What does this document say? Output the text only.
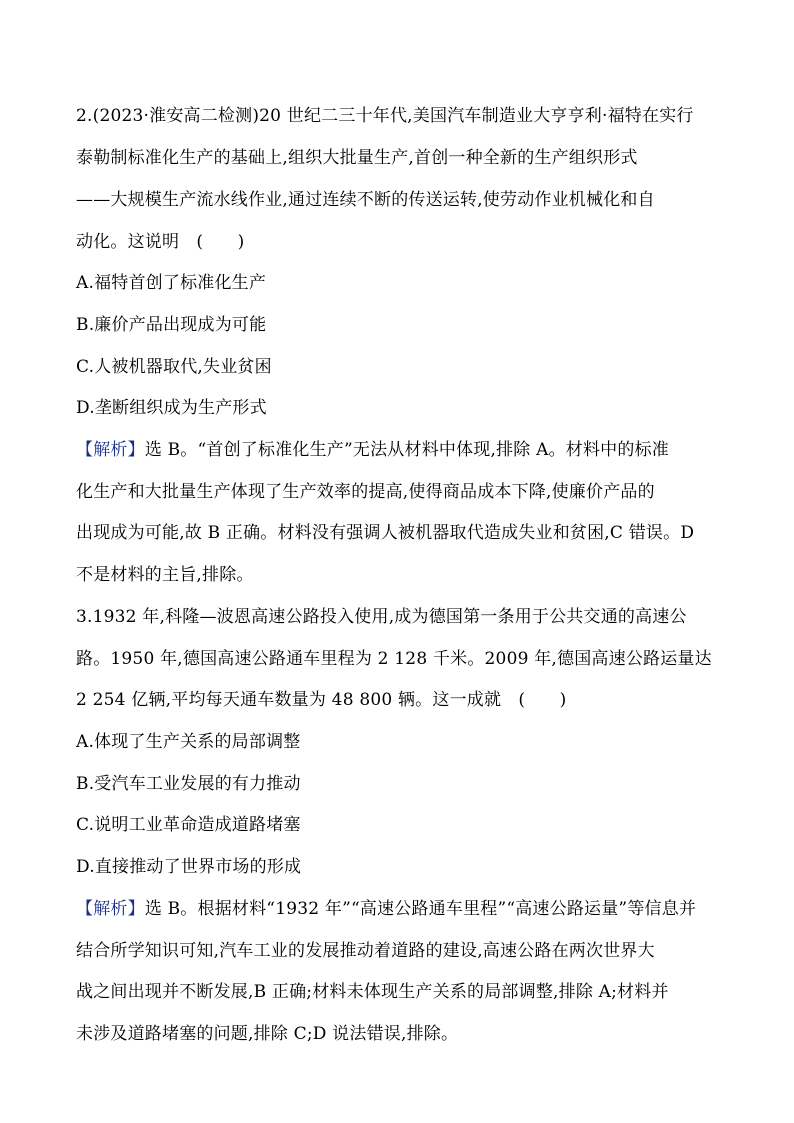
2.(2023·淮安高二检测)20 世纪二三十年代,美国汽车制造业大亨亨利·福特在实行
泰勒制标准化生产的基础上,组织大批量生产,首创一种全新的生产组织形式
——大规模生产流水线作业,通过连续不断的传送运转,使劳动作业机械化和自
动化。这说明　(　　)
A.福特首创了标准化生产
B.廉价产品出现成为可能
C.人被机器取代,失业贫困
D.垄断组织成为生产形式
【解析】选 B。“首创了标准化生产”无法从材料中体现,排除 A。材料中的标准
化生产和大批量生产体现了生产效率的提高,使得商品成本下降,使廉价产品的
出现成为可能,故 B 正确。材料没有强调人被机器取代造成失业和贫困,C 错误。D
不是材料的主旨,排除。
3.1932 年,科隆—波恩高速公路投入使用,成为德国第一条用于公共交通的高速公
路。1950 年,德国高速公路通车里程为 2 128 千米。2009 年,德国高速公路运量达
2 254 亿辆,平均每天通车数量为 48 800 辆。这一成就　(　　)
A.体现了生产关系的局部调整
B.受汽车工业发展的有力推动
C.说明工业革命造成道路堵塞
D.直接推动了世界市场的形成
【解析】选 B。根据材料“1932 年”“高速公路通车里程”“高速公路运量”等信息并
结合所学知识可知,汽车工业的发展推动着道路的建设,高速公路在两次世界大
战之间出现并不断发展,B 正确;材料未体现生产关系的局部调整,排除 A;材料并
未涉及道路堵塞的问题,排除 C;D 说法错误,排除。
